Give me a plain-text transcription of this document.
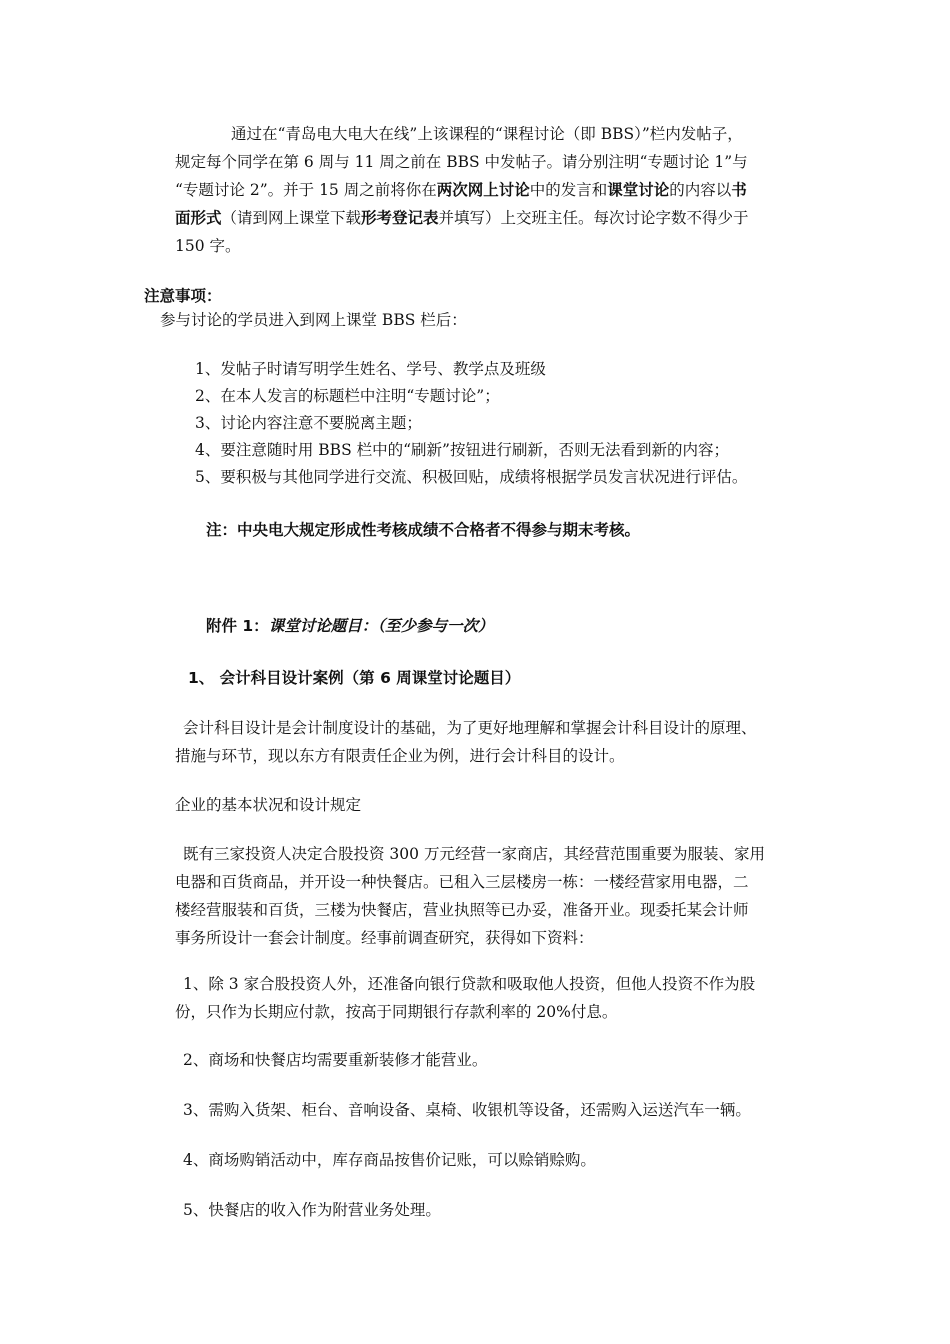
通过在“青岛电大电大在线”上该课程的“课程讨论（即 BBS）”栏内发帖子，
规定每个同学在第 6 周与 11 周之前在 BBS 中发帖子。请分别注明“专题讨论 1”与
“专题讨论 2”。并于 15 周之前将你在两次网上讨论中的发言和课堂讨论的内容以书
面形式（请到网上课堂下载形考登记表并填写）上交班主任。每次讨论字数不得少于
150 字。
注意事项：
参与讨论的学员进入到网上课堂 BBS 栏后：
1、发帖子时请写明学生姓名、学号、教学点及班级
2、在本人发言的标题栏中注明“专题讨论”；
3、讨论内容注意不要脱离主题；
4、要注意随时用 BBS 栏中的“刷新”按钮进行刷新，否则无法看到新的内容；
5、要积极与其他同学进行交流、积极回贴，成绩将根据学员发言状况进行评估。
注：中央电大规定形成性考核成绩不合格者不得参与期末考核。
附件 1：课堂讨论题目：（至少参与一次）
1、 会计科目设计案例（第 6 周课堂讨论题目）
会计科目设计是会计制度设计的基础，为了更好地理解和掌握会计科目设计的原理、
措施与环节，现以东方有限责任企业为例，进行会计科目的设计。
企业的基本状况和设计规定
既有三家投资人决定合股投资 300 万元经营一家商店，其经营范围重要为服装、家用
电器和百货商品，并开设一种快餐店。已租入三层楼房一栋：一楼经营家用电器，二
楼经营服装和百货，三楼为快餐店，营业执照等已办妥，准备开业。现委托某会计师
事务所设计一套会计制度。经事前调查研究，获得如下资料：
1、除 3 家合股投资人外，还准备向银行贷款和吸取他人投资，但他人投资不作为股
份，只作为长期应付款，按高于同期银行存款利率的 20%付息。
2、商场和快餐店均需要重新装修才能营业。
3、需购入货架、柜台、音响设备、桌椅、收银机等设备，还需购入运送汽车一辆。
4、商场购销活动中，库存商品按售价记账，可以赊销赊购。
5、快餐店的收入作为附营业务处理。
